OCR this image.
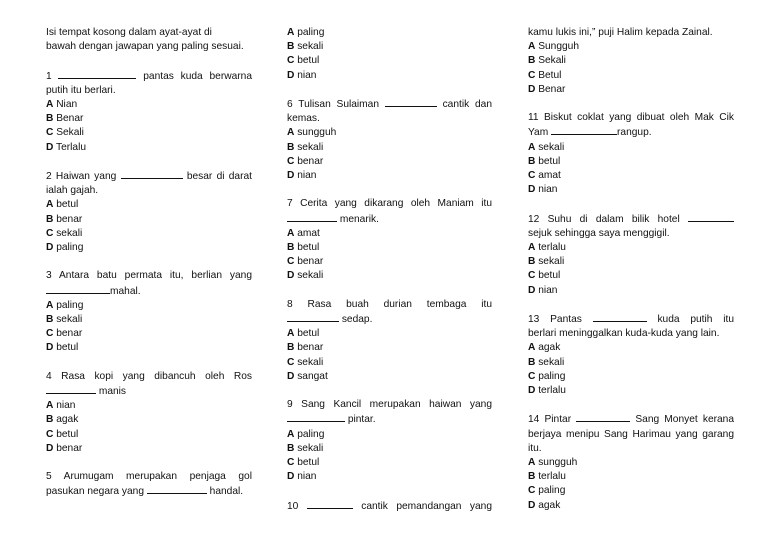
Isi tempat kosong dalam ayat-ayat di
bawah dengan jawapan yang paling sesuai.
1	pantas kuda berwarna
putih itu berlari.
A Nian
B Benar
C Sekali
D Terlalu
2 Haiwan yang	besar di darat
ialah gajah.
A betul
B benar
C sekali
D paling
3 Antara batu permata itu, berlian yang
mahal.
A paling
B sekali
C benar
D betul
4 Rasa kopi yang dibancuh oleh Ros
manis
A nian
B agak
C betul
D benar
5 Arumugam merupakan penjaga gol
pasukan negara yang	handal.
A paling
B sekali
C betul
D nian
6 Tulisan Sulaiman	cantik dan
kemas.
A sungguh
B sekali
C benar
D nian
7 Cerita yang dikarang oleh Maniam itu
menarik.
A amat
B betul
C benar
D sekali
8 Rasa buah durian tembaga itu
sedap.
A betul
B benar
C sekali
D sangat
9 Sang Kancil merupakan haiwan yang
pintar.
A paling
B sekali
C betul
D nian
10	cantik pemandangan yang
kamu lukis ini,” puji Halim kepada Zainal.
A Sungguh
B Sekali
C Betul
D Benar
11 Biskut coklat yang dibuat oleh Mak Cik
Yam	rangup.
A sekali
B betul
C amat
D nian
12 Suhu di dalam bilik hotel
sejuk sehingga saya menggigil.
A terlalu
B sekali
C betul
D nian
13 Pantas	kuda putih itu
berlari meninggalkan kuda-kuda yang lain.
A agak
B sekali
C paling
D terlalu
14 Pintar	Sang Monyet kerana
berjaya menipu Sang Harimau yang garang
itu.
A sungguh
B terlalu
C paling
D agak
